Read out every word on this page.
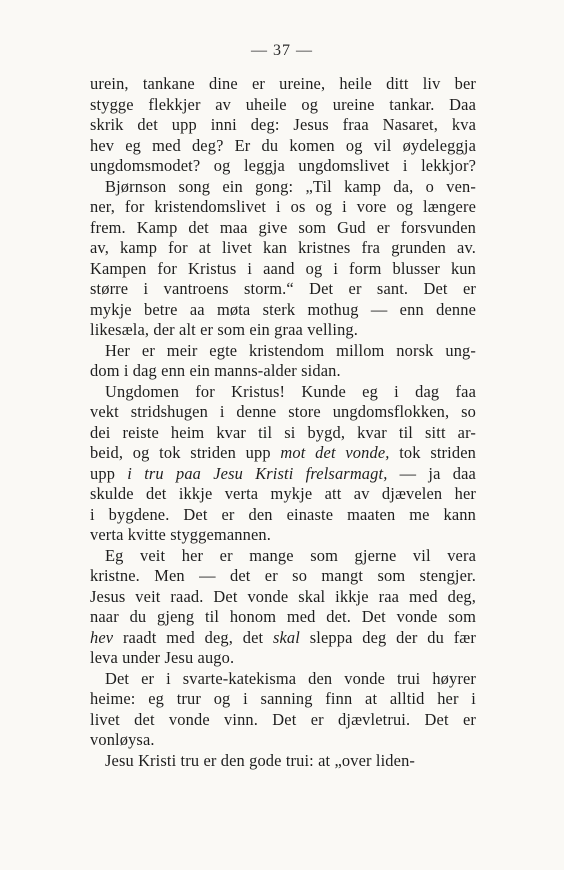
— 37 —
urein, tankane dine er ureine, heile ditt liv ber
stygge flekkjer av uheile og ureine tankar. Daa
skrik det upp inni deg: Jesus fraa Nasaret, kva
hev eg med deg? Er du komen og vil øydeleggja
ungdomsmodet? og leggja ungdomslivet i lekkjor?
Bjørnson song ein gong: „Til kamp da, o ven-
ner, for kristendomslivet i os og i vore og længere
frem. Kamp det maa give som Gud er forsvunden
av, kamp for at livet kan kristnes fra grunden av.
Kampen for Kristus i aand og i form blusser kun
større i vantroens storm.“ Det er sant. Det er
mykje betre aa møta sterk mothug — enn denne
likesæla, der alt er som ein graa velling.
Her er meir egte kristendom millom norsk ung-
dom i dag enn ein manns-alder sidan.
Ungdomen for Kristus! Kunde eg i dag faa
vekt stridshugen i denne store ungdomsflokken, so
dei reiste heim kvar til si bygd, kvar til sitt ar-
beid, og tok striden upp mot det vonde, tok striden
upp i tru paa Jesu Kristi frelsarmagt, — ja daa
skulde det ikkje verta mykje att av djævelen her
i bygdene. Det er den einaste maaten me kann
verta kvitte styggemannen.
Eg veit her er mange som gjerne vil vera
kristne. Men — det er so mangt som stengjer.
Jesus veit raad. Det vonde skal ikkje raa med deg,
naar du gjeng til honom med det. Det vonde som
hev raadt med deg, det skal sleppa deg der du fær
leva under Jesu augo.
Det er i svarte-katekisma den vonde trui høyrer
heime: eg trur og i sanning finn at alltid her i
livet det vonde vinn. Det er djævletrui. Det er
vonløysa.
Jesu Kristi tru er den gode trui: at „over liden-
